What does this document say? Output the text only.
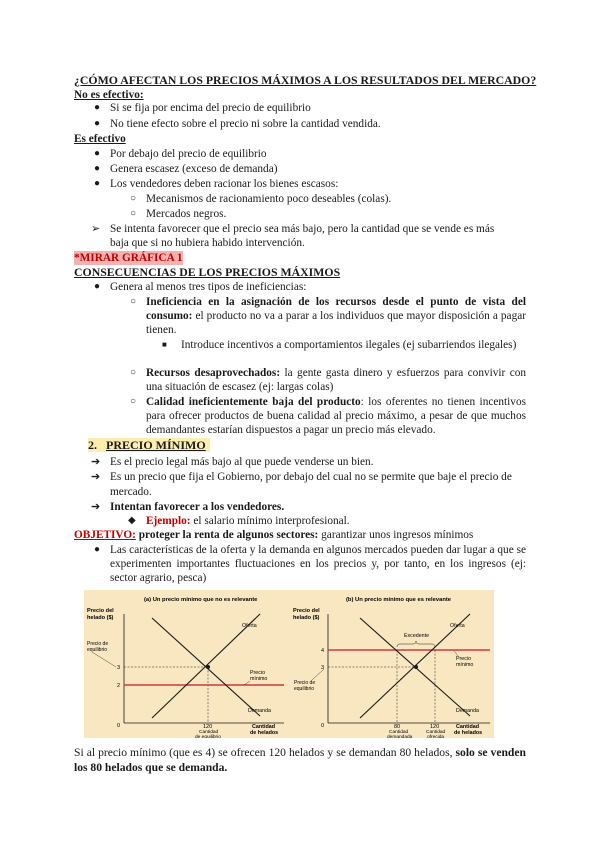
¿CÓMO AFECTAN LOS PRECIOS MÁXIMOS A LOS RESULTADOS DEL MERCADO?
No es efectivo:
● Si se fija por encima del precio de equilibrio
● No tiene efecto sobre el precio ni sobre la cantidad vendida.
Es efectivo
● Por debajo del precio de equilibrio
● Genera escasez (exceso de demanda)
● Los vendedores deben racionar los bienes escasos:
○ Mecanismos de racionamiento poco deseables (colas).
○ Mercados negros.
➢ Se intenta favorecer que el precio sea más bajo, pero la cantidad que se vende es más
baja que si no hubiera habido intervención.
*MIRAR GRÁFICA 1
CONSECUENCIAS DE LOS PRECIOS MÁXIMOS
● Genera al menos tres tipos de ineficiencias:
○ Ineficiencia en la asignación de los recursos desde el punto de vista del consumo: el producto no va a parar a los individuos que mayor disposición a pagar tienen.
■ Introduce incentivos a comportamientos ilegales (ej subarriendos ilegales)
○ Recursos desaprovechados: la gente gasta dinero y esfuerzos para convivir con una situación de escasez (ej: largas colas)
○ Calidad ineficientemente baja del producto: los oferentes no tienen incentivos para ofrecer productos de buena calidad al precio máximo, a pesar de que muchos demandantes estarían dispuestos a pagar un precio más elevado.
2. PRECIO MÍNIMO
➔ Es el precio legal más bajo al que puede venderse un bien.
➔ Es un precio que fija el Gobierno, por debajo del cual no se permite que baje el precio de
mercado.
➔ Intentan favorecer a los vendedores.
◆ Ejemplo: el salario mínimo interprofesional.
OBJETIVO: proteger la renta de algunos sectores: garantizar unos ingresos mínimos
● Las características de la oferta y la demanda en algunos mercados pueden dar lugar a que se experimenten importantes fluctuaciones en los precios y, por tanto, en los ingresos (ej: sector agrario, pesca)
(a) Un precio mínimo que no es relevante
Precio del
helado ($)
Precio de
equilibrio
3
2
0	120
Cantidad
de equilibrio
Cantidad
de helados
Oferta
Demanda
Precio
mínimo
(b) Un precio mínimo que es relevante
Precio del
helado ($)
Excedente
4
3
0
Precio de
equilibrio
80	120
Cantidad
demandada
Cantidad
ofrecida
Cantidad
de helados
Oferta
Demanda
Precio
mínimo
Si al precio mínimo (que es 4) se ofrecen 120 helados y se demandan 80 helados, solo se venden los 80 helados que se demanda.
